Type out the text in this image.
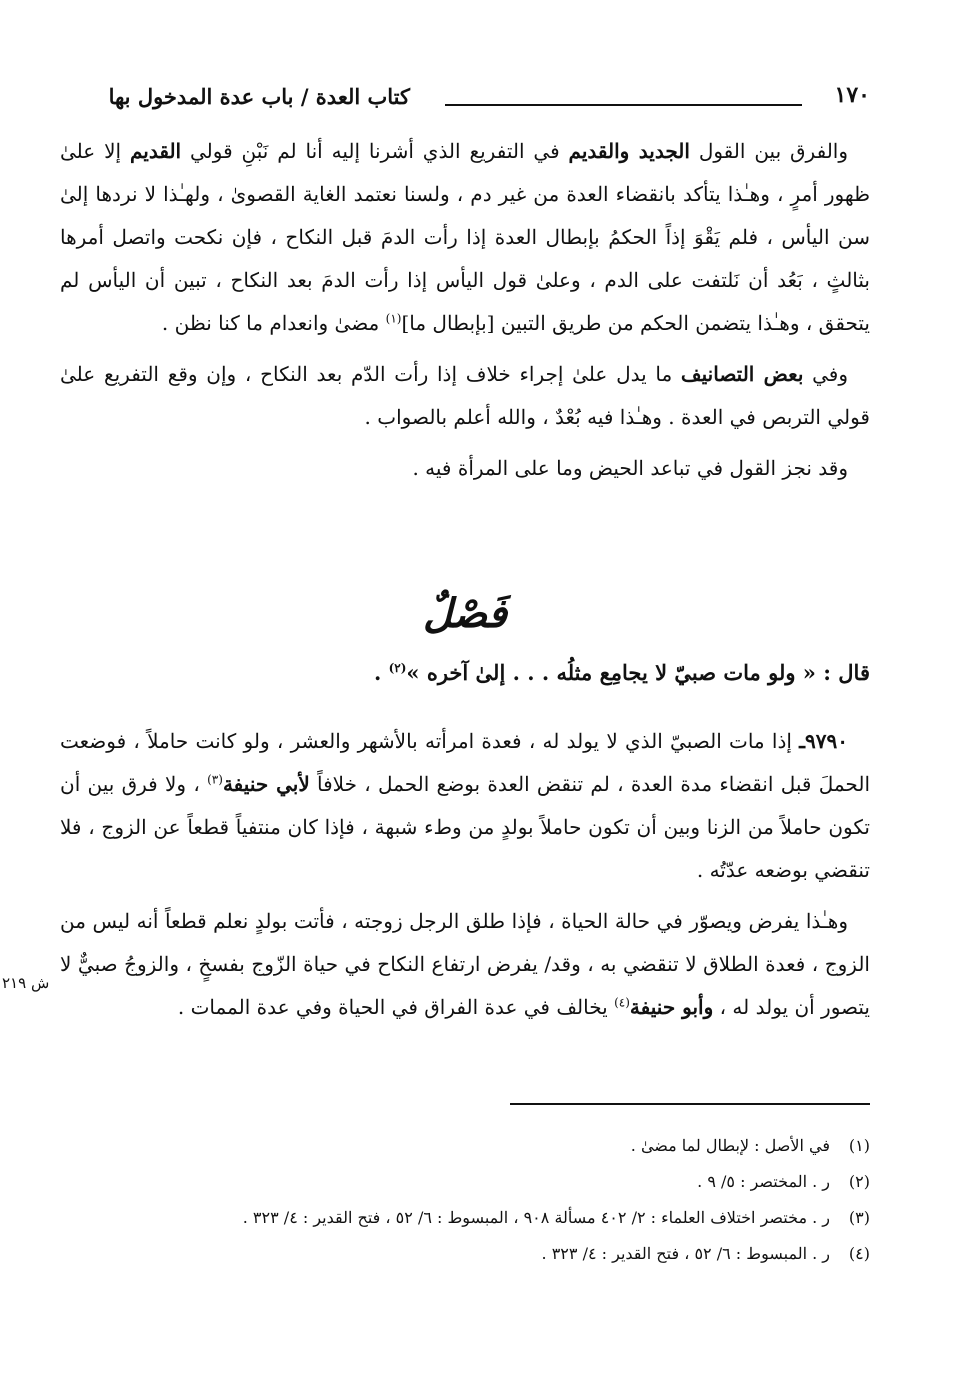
١٧٠
كتاب العدة / باب عدة المدخول بها

والفرق بين القول الجديد والقديم في التفريع الذي أشرنا إليه أنا لم نَبْنِ قولي القديم إلا علىٰ ظهور أمرٍ ، وهـٰذا يتأكد بانقضاء العدة من غير دم ، ولسنا نعتمد الغاية القصوىٰ ، ولهـٰذا لا نردها إلىٰ سن اليأس ، فلم يَقْوَ إذاً الحكمُ بإبطال العدة إذا رأت الدمَ قبل النكاح ، فإن نكحت واتصل أمرها بثالثٍ ، بَعُد أن نَلتفت على الدم ، وعلىٰ قول اليأس إذا رأت الدمَ بعد النكاح ، تبين أن اليأس لم يتحقق ، وهـٰذا يتضمن الحكم من طريق التبين [بإبطال ما]$^{(١)}$ مضىٰ وانعدام ما كنا نظن .

وفي بعض التصانيف ما يدل علىٰ إجراء خلاف إذا رأت الدّم بعد النكاح ، وإن وقع التفريع علىٰ قولي التربص في العدة . وهـٰذا فيه بُعْدٌ ، والله أعلم بالصواب .

وقد نجز القول في تباعد الحيض وما على المرأة فيه .

فَصْلٌ
قال : « ولو مات صبيّ لا يجامِع مثلُه . . . إلىٰ آخره »$^{(٢)}$ .

٩٧٩٠ـ إذا مات الصبيّ الذي لا يولد له ، فعدة امرأته بالأشهر والعشر ، ولو كانت حاملاً ، فوضعت الحملَ قبل انقضاء مدة العدة ، لم تنقض العدة بوضع الحمل ، خلافاً لأبي حنيفة$^{(٣)}$ ، ولا فرق بين أن تكون حاملاً من الزنا وبين أن تكون حاملاً بولدٍ من وطء شبهة ، فإذا كان منتفياً قطعاً عن الزوج ، فلا تنقضي بوضعه عدّتُه .

وهـٰذا يفرض ويصوّر في حالة الحياة ، فإذا طلق الرجل زوجته ، فأتت بولدٍ نعلم قطعاً أنه ليس من الزوج ، فعدة الطلاق لا تنقضي به ، وقد/ يفرض ارتفاع النكاح في حياة الزّوج بفسخٍ ، والزوجُ صبيٌّ لا يتصور أن يولد له ، وأبو حنيفة$^{(٤)}$ يخالف في عدة الفراق في الحياة وفي عدة الممات .

ش ٢١٩
(١)
في الأصل : لإبطال لما مضىٰ .
(٢)
ر . المختصر : ٥/ ٩ .
(٣)
ر . مختصر اختلاف العلماء : ٢/ ٤٠٢ مسألة ٩٠٨ ، المبسوط : ٦/ ٥٢ ، فتح القدير : ٤/ ٣٢٣ .
(٤)
ر . المبسوط : ٦/ ٥٢ ، فتح القدير : ٤/ ٣٢٣ .
